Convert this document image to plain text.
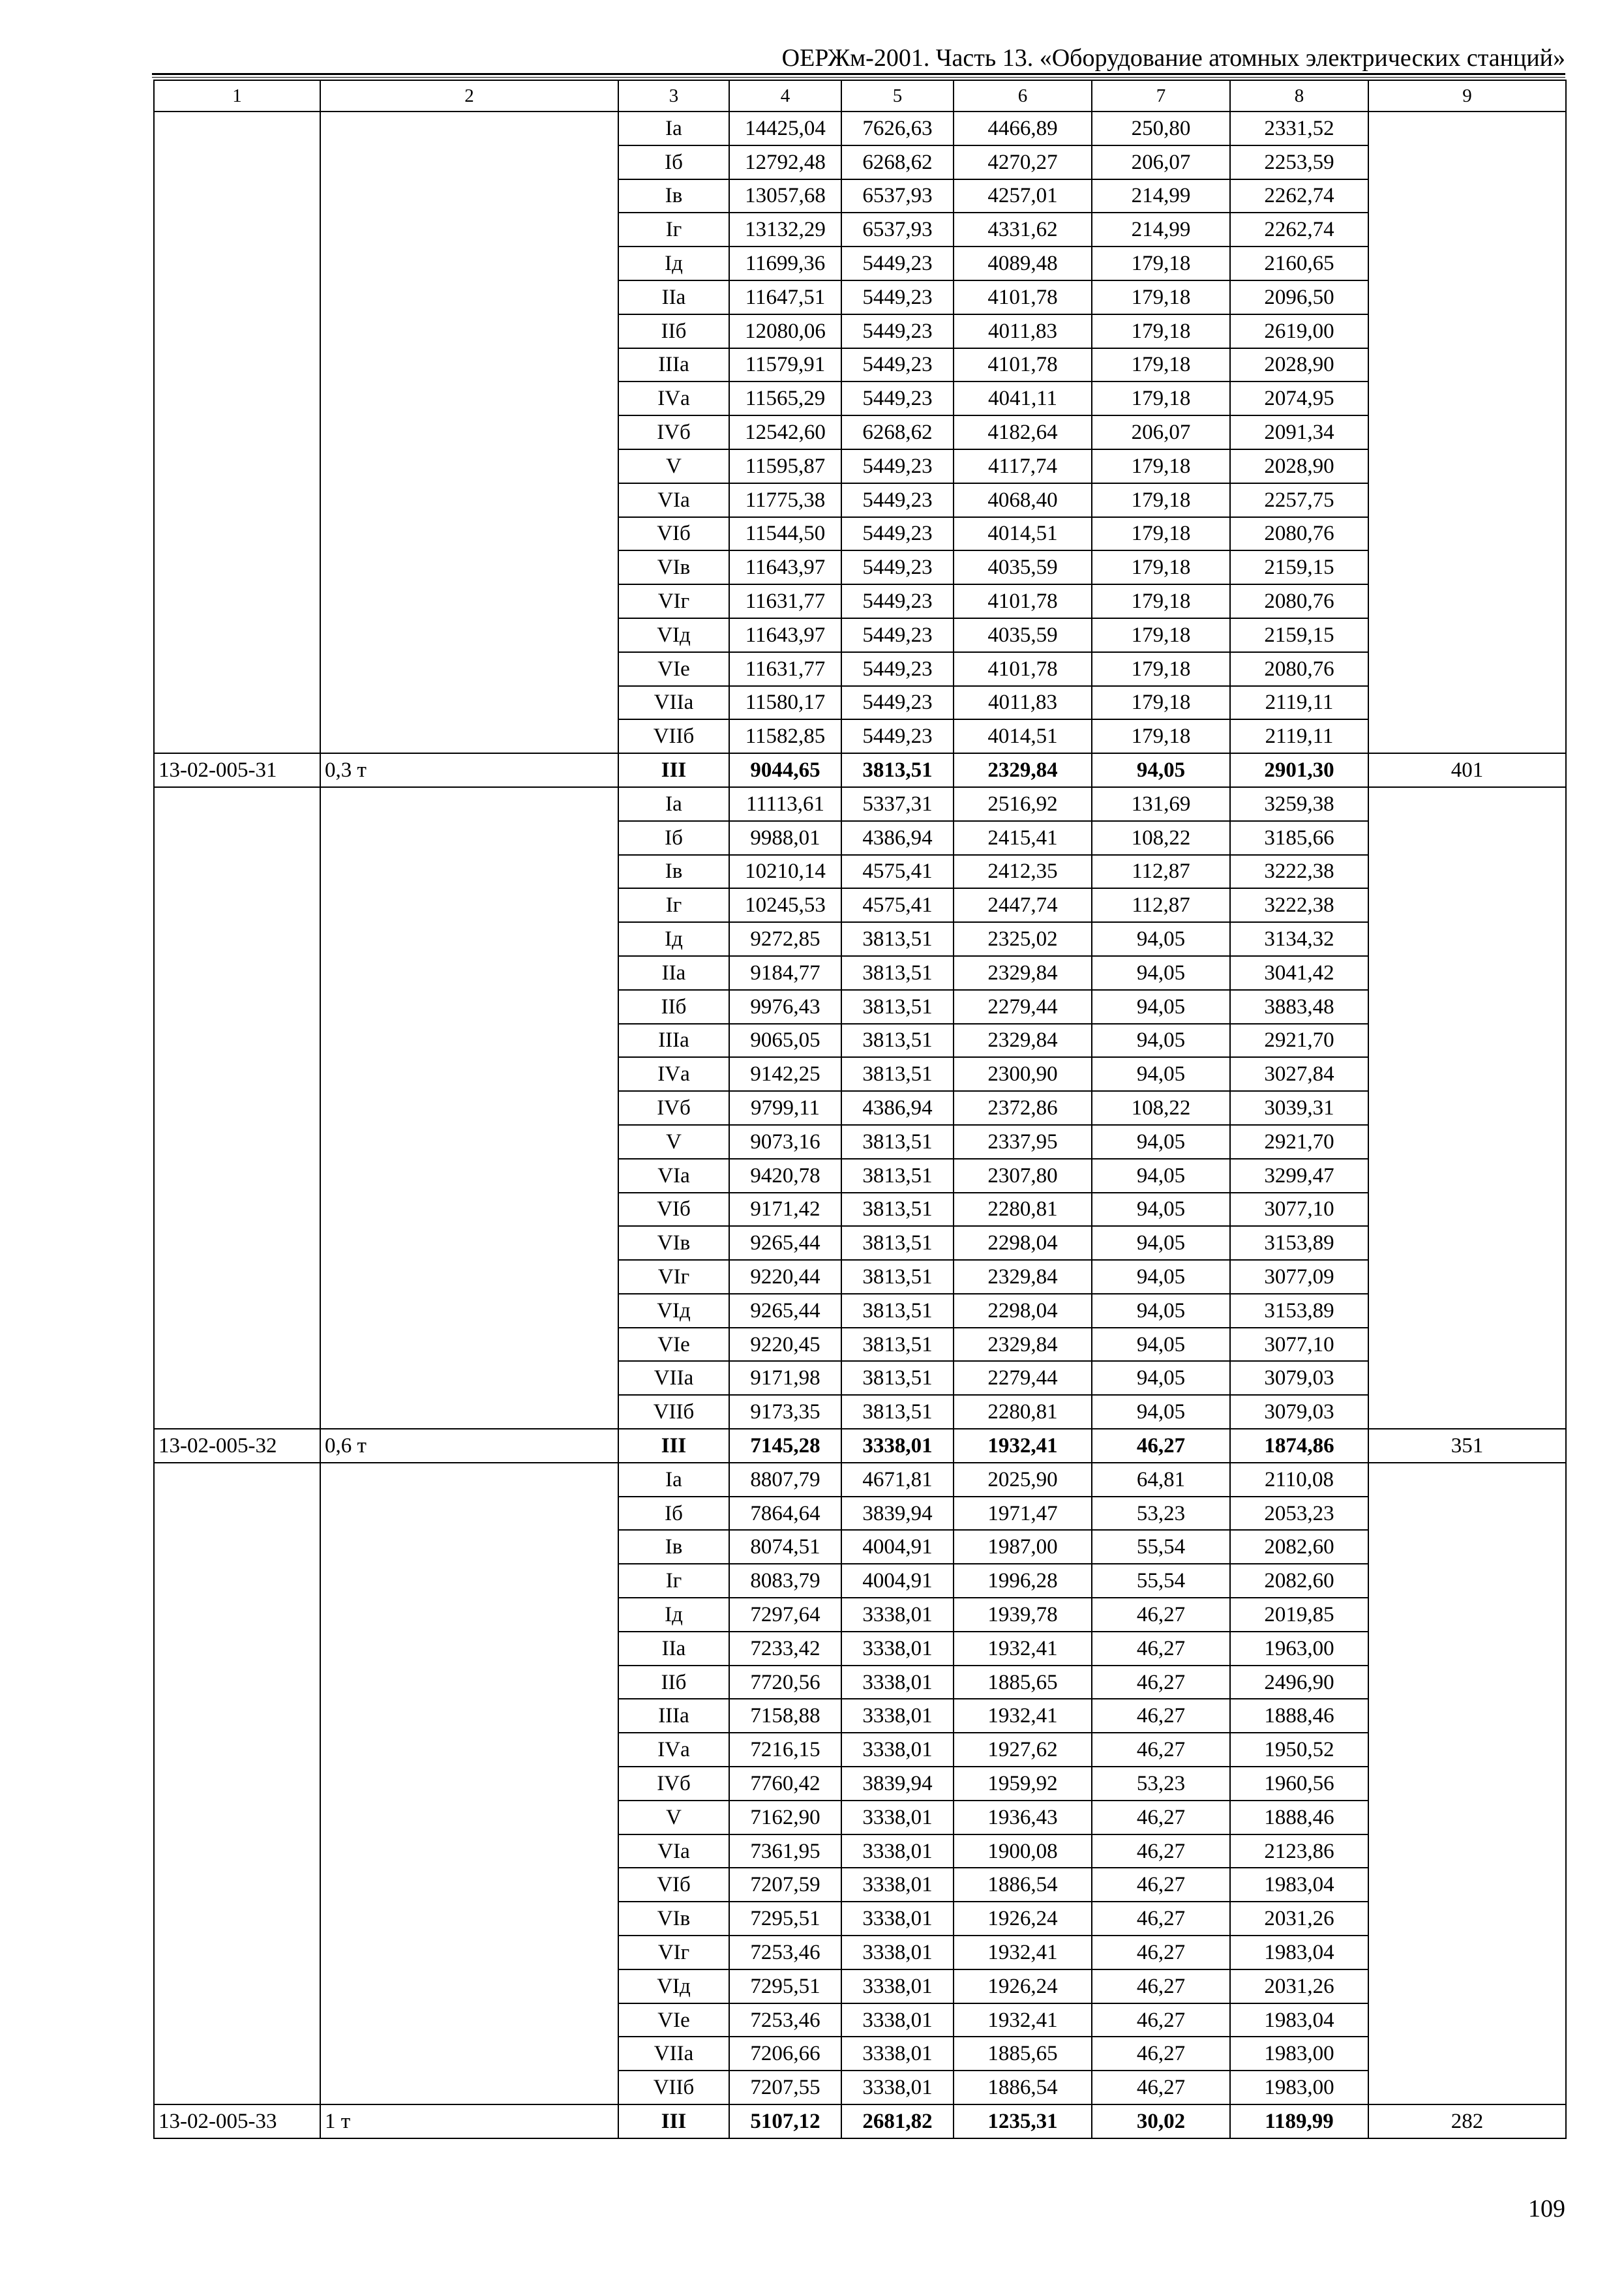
ОЕРЖм-2001. Часть 13. «Оборудование атомных электрических станций»
1	2	3	4	5	6	7	8	9
		Iа	14425,04	7626,63	4466,89	250,80	2331,52	
		Iб	12792,48	6268,62	4270,27	206,07	2253,59	
		Iв	13057,68	6537,93	4257,01	214,99	2262,74	
		Iг	13132,29	6537,93	4331,62	214,99	2262,74	
		Iд	11699,36	5449,23	4089,48	179,18	2160,65	
		IIа	11647,51	5449,23	4101,78	179,18	2096,50	
		IIб	12080,06	5449,23	4011,83	179,18	2619,00	
		IIIа	11579,91	5449,23	4101,78	179,18	2028,90	
		IVа	11565,29	5449,23	4041,11	179,18	2074,95	
		IVб	12542,60	6268,62	4182,64	206,07	2091,34	
		V	11595,87	5449,23	4117,74	179,18	2028,90	
		VIа	11775,38	5449,23	4068,40	179,18	2257,75	
		VIб	11544,50	5449,23	4014,51	179,18	2080,76	
		VIв	11643,97	5449,23	4035,59	179,18	2159,15	
		VIг	11631,77	5449,23	4101,78	179,18	2080,76	
		VIд	11643,97	5449,23	4035,59	179,18	2159,15	
		VIе	11631,77	5449,23	4101,78	179,18	2080,76	
		VIIа	11580,17	5449,23	4011,83	179,18	2119,11	
		VIIб	11582,85	5449,23	4014,51	179,18	2119,11	
13-02-005-31	0,3 т	III	9044,65	3813,51	2329,84	94,05	2901,30	401
		Iа	11113,61	5337,31	2516,92	131,69	3259,38	
		Iб	9988,01	4386,94	2415,41	108,22	3185,66	
		Iв	10210,14	4575,41	2412,35	112,87	3222,38	
		Iг	10245,53	4575,41	2447,74	112,87	3222,38	
		Iд	9272,85	3813,51	2325,02	94,05	3134,32	
		IIа	9184,77	3813,51	2329,84	94,05	3041,42	
		IIб	9976,43	3813,51	2279,44	94,05	3883,48	
		IIIа	9065,05	3813,51	2329,84	94,05	2921,70	
		IVа	9142,25	3813,51	2300,90	94,05	3027,84	
		IVб	9799,11	4386,94	2372,86	108,22	3039,31	
		V	9073,16	3813,51	2337,95	94,05	2921,70	
		VIа	9420,78	3813,51	2307,80	94,05	3299,47	
		VIб	9171,42	3813,51	2280,81	94,05	3077,10	
		VIв	9265,44	3813,51	2298,04	94,05	3153,89	
		VIг	9220,44	3813,51	2329,84	94,05	3077,09	
		VIд	9265,44	3813,51	2298,04	94,05	3153,89	
		VIе	9220,45	3813,51	2329,84	94,05	3077,10	
		VIIа	9171,98	3813,51	2279,44	94,05	3079,03	
		VIIб	9173,35	3813,51	2280,81	94,05	3079,03	
13-02-005-32	0,6 т	III	7145,28	3338,01	1932,41	46,27	1874,86	351
		Iа	8807,79	4671,81	2025,90	64,81	2110,08	
		Iб	7864,64	3839,94	1971,47	53,23	2053,23	
		Iв	8074,51	4004,91	1987,00	55,54	2082,60	
		Iг	8083,79	4004,91	1996,28	55,54	2082,60	
		Iд	7297,64	3338,01	1939,78	46,27	2019,85	
		IIа	7233,42	3338,01	1932,41	46,27	1963,00	
		IIб	7720,56	3338,01	1885,65	46,27	2496,90	
		IIIа	7158,88	3338,01	1932,41	46,27	1888,46	
		IVа	7216,15	3338,01	1927,62	46,27	1950,52	
		IVб	7760,42	3839,94	1959,92	53,23	1960,56	
		V	7162,90	3338,01	1936,43	46,27	1888,46	
		VIа	7361,95	3338,01	1900,08	46,27	2123,86	
		VIб	7207,59	3338,01	1886,54	46,27	1983,04	
		VIв	7295,51	3338,01	1926,24	46,27	2031,26	
		VIг	7253,46	3338,01	1932,41	46,27	1983,04	
		VIд	7295,51	3338,01	1926,24	46,27	2031,26	
		VIе	7253,46	3338,01	1932,41	46,27	1983,04	
		VIIа	7206,66	3338,01	1885,65	46,27	1983,00	
		VIIб	7207,55	3338,01	1886,54	46,27	1983,00	
13-02-005-33	1 т	III	5107,12	2681,82	1235,31	30,02	1189,99	282
109
